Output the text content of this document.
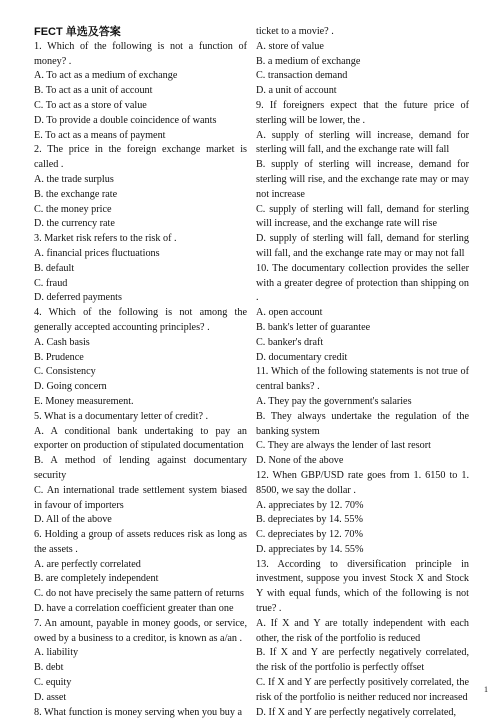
FECT 单选及答案
1. Which of the following is not a function of money? .
A. To act as a medium of exchange
B. To act as a unit of account
C. To act as a store of value
D. To provide a double coincidence of wants
E. To act as a means of payment
2. The price in the foreign exchange market is called .
A. the trade surplus
B. the exchange rate
C. the money price
D. the currency rate
3. Market risk refers to the risk of .
A. financial prices fluctuations
B. default
C. fraud
D. deferred payments
4. Which of the following is not among the generally accepted accounting principles? .
A. Cash basis
B. Prudence
C. Consistency
D. Going concern
E. Money measurement.
5. What is a documentary letter of credit? .
A. A conditional bank undertaking to pay an exporter on production of stipulated documentation
B. A method of lending against documentary security
C. An international trade settlement system biased in favour of importers
D. All of the above
6. Holding a group of assets reduces risk as long as the assets .
A. are perfectly correlated
B. are completely independent
C. do not have precisely the same pattern of returns
D. have a correlation coefficient greater than one
7. An amount, payable in money goods, or service, owed by a business to a creditor, is known as a/an .
A. liability
B. debt
C. equity
D. asset
8. What function is money serving when you buy a
ticket to a movie? .
A. store of value
B. a medium of exchange
C. transaction demand
D. a unit of account
9. If foreigners expect that the future price of sterling will be lower, the .
A. supply of sterling will increase, demand for sterling will fall, and the exchange rate will fall
B. supply of sterling will increase, demand for sterling will rise, and the exchange rate may or may not increase
C. supply of sterling will fall, demand for sterling will increase, and the exchange rate will rise
D. supply of sterling will fall, demand for sterling will fall, and the exchange rate may or may not fall
10. The documentary collection provides the seller with a greater degree of protection than shipping on .
A. open account
B. bank's letter of guarantee
C. banker's draft
D. documentary credit
11. Which of the following statements is not true of central banks? .
A. They pay the government's salaries
B. They always undertake the regulation of the banking system
C. They are always the lender of last resort
D. None of the above
12. When GBP/USD rate goes from 1. 6150 to 1. 8500, we say the dollar .
A. appreciates by 12. 70%
B. depreciates by 14. 55%
C. depreciates by 12. 70%
D. appreciates by 14. 55%
13. According to diversification principle in investment, suppose you invest Stock X and Stock Y with equal funds, which of the following is not true? .
A. If X and Y are totally independent with each other, the risk of the portfolio is reduced
B. If X and Y are perfectly negatively correlated, the risk of the portfolio is perfectly offset
C. If X and Y are perfectly positively correlated, the risk of the portfolio is neither reduced nor increased
D. If X and Y are perfectly negatively correlated,
1
